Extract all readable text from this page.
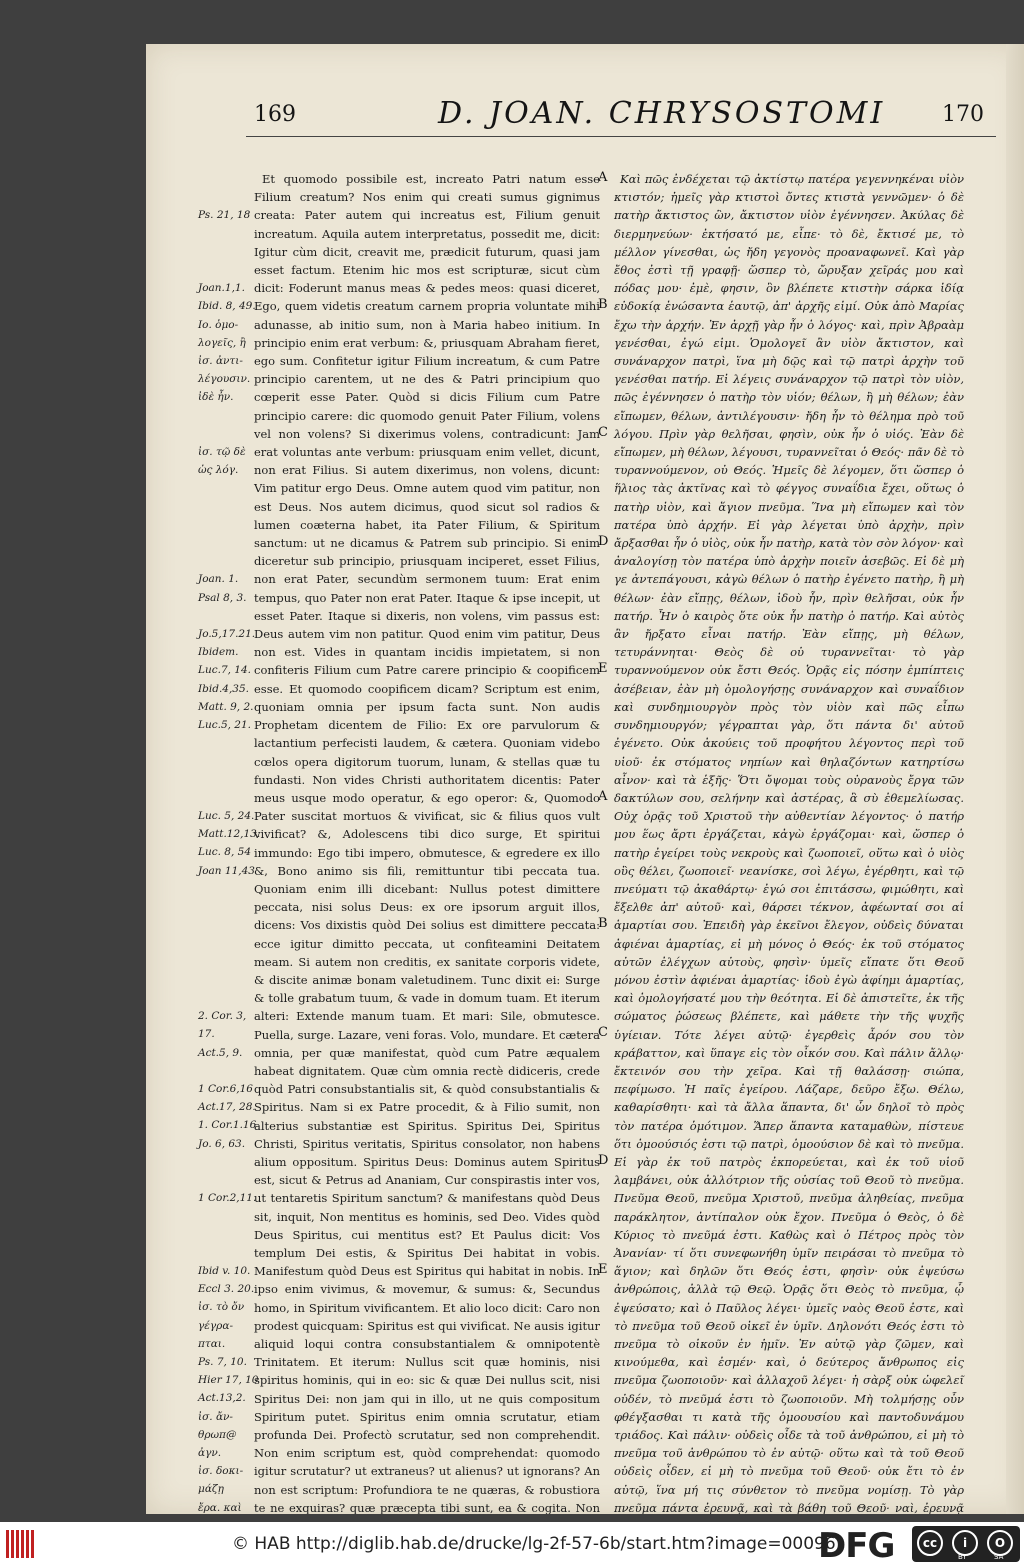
169	D. JOAN. CHRYSOSTOMI	170
Ps. 21, 18
Joan.1,1.
Ibid. 8, 49.
Ιο. ὁμο-
λογεῖς, ἢ
ἰσ. ἀντι-
λέγουσιν.
ἰδὲ ἦν.
ἰσ. τῷ δὲ
ὡς λόγ.
Joan. 1.
Psal 8, 3.
Jo.5,17.21.
Ibidem.
Luc.7, 14.
Ibid.4,35.
Matt. 9, 2.
Luc.5, 21.
Luc. 5, 24.
Matt.12,13.
Luc. 8, 54
Joan 11,43
2. Cor. 3,
17.
Act.5, 9.
1 Cor.6,16
Act.17, 28.
1. Cor.1.16
Jo. 6, 63.
1 Cor.2,11.
Ibid v. 10.
Eccl 3. 20.
ἰσ. τὸ ὄν
γέγρα-
πται.
Ps. 7, 10.
Hier 17, 10
Act.13,2.
ἰσ. ἄν-
θρωπ@
ἀγν.
ἰσ. δοκι-
μάζῃ
ἔρα. καὶ

Et quomodo possibile est, increato Patri natum esse Filium creatum? Nos enim qui creati sumus gignimus creata: Pater autem qui increatus est, Filium genuit increatum. Aquila autem interpretatus, possedit me, dicit: Igitur cùm dicit, creavit me, prædicit futurum, quasi jam esset factum. Etenim hic mos est scripturæ, sicut cùm dicit: Foderunt manus meas & pedes meos: quasi diceret, Ego, quem videtis creatum carnem propria voluntate mihi adunasse, ab initio sum, non à Maria habeo initium. In principio enim erat verbum: &, priusquam Abraham fieret, ego sum. Confitetur igitur Filium increatum, & cum Patre principio carentem, ut ne des & Patri principium quo cœperit esse Pater. Quòd si dicis Filium cum Patre principio carere: dic quomodo genuit Pater Filium, volens vel non volens? Si dixerimus volens, contradicunt: Jam erat voluntas ante verbum: priusquam enim vellet, dicunt, non erat Filius. Si autem dixerimus, non volens, dicunt: Vim patitur ergo Deus. Omne autem quod vim patitur, non est Deus. Nos autem dicimus, quod sicut sol radios & lumen coæterna habet, ita Pater Filium, & Spiritum sanctum: ut ne dicamus & Patrem sub principio. Si enim diceretur sub principio, priusquam inciperet, esset Filius, non erat Pater, secundùm sermonem tuum: Erat enim tempus, quo Pater non erat Pater. Itaque & ipse incepit, ut esset Pater. Itaque si dixeris, non volens, vim passus est: Deus autem vim non patitur. Quod enim vim patitur, Deus non est. Vides in quantam incidis impietatem, si non confiteris Filium cum Patre carere principio & coopificem esse. Et quomodo coopificem dicam? Scriptum est enim, quoniam omnia per ipsum facta sunt. Non audis Prophetam dicentem de Filio: Ex ore parvulorum & lactantium perfecisti laudem, & cætera. Quoniam videbo cœlos opera digitorum tuorum, lunam, & stellas quæ tu fundasti. Non vides Christi authoritatem dicentis: Pater meus usque modo operatur, & ego operor: &, Quomodo Pater suscitat mortuos & vivificat, sic & filius quos vult vivificat? &, Adolescens tibi dico surge, Et spiritui immundo: Ego tibi impero, obmutesce, & egredere ex illo &, Bono animo sis fili, remittuntur tibi peccata tua. Quoniam enim illi dicebant: Nullus potest dimittere peccata, nisi solus Deus: ex ore ipsorum arguit illos, dicens: Vos dixistis quòd Dei solius est dimittere peccata: ecce igitur dimitto peccata, ut confiteamini Deitatem meam. Si autem non creditis, ex sanitate corporis videte, & discite animæ bonam valetudinem. Tunc dixit ei: Surge & tolle grabatum tuum, & vade in domum tuam. Et iterum alteri: Extende manum tuam. Et mari: Sile, obmutesce. Puella, surge. Lazare, veni foras. Volo, mundare. Et cætera omnia, per quæ manifestat, quòd cum Patre æqualem habeat dignitatem. Quæ cùm omnia rectè didiceris, crede quòd Patri consubstantialis sit, & quòd consubstantialis & Spiritus. Nam si ex Patre procedit, & à Filio sumit, non alterius substantiæ est Spiritus. Spiritus Dei, Spiritus Christi, Spiritus veritatis, Spiritus consolator, non habens alium oppositum. Spiritus Deus: Dominus autem Spiritus est, sicut & Petrus ad Ananiam, Cur conspirastis inter vos, ut tentaretis Spiritum sanctum? & manifestans quòd Deus sit, inquit, Non mentitus es hominis, sed Deo. Vides quòd Deus Spiritus, cui mentitus est? Et Paulus dicit: Vos templum Dei estis, & Spiritus Dei habitat in vobis. Manifestum quòd Deus est Spiritus qui habitat in nobis. In ipso enim vivimus, & movemur, & sumus: &, Secundus homo, in Spiritum vivificantem. Et alio loco dicit: Caro non prodest quicquam: Spiritus est qui vivificat. Ne ausis igitur aliquid loqui contra consubstantialem & omnipotentè Trinitatem. Et iterum: Nullus scit quæ hominis, nisi spiritus hominis, qui in eo: sic & quæ Dei nullus scit, nisi Spiritus Dei: non jam qui in illo, ut ne quis compositum Spiritum putet. Spiritus enim omnia scrutatur, etiam profunda Dei. Profectò scrutatur, sed non comprehendit. Non enim scriptum est, quòd comprehendat: quomodo igitur scrutatur? ut extraneus? ut alienus? ut ignorans? An non est scriptum: Profundiora te ne quæras, & robustiora te ne exquiras? quæ præcepta tibi sunt, ea & cogita. Non

A
B
C
D
E
A
B
C
D
E

Καὶ πῶς ἐνδέχεται τῷ ἀκτίστῳ πατέρα γεγεννηκέναι υἱὸν κτιστόν; ἡμεῖς γὰρ κτιστοὶ ὄντες κτιστὰ γεννῶμεν· ὁ δὲ πατὴρ ἄκτιστος ὢν, ἄκτιστον υἱὸν ἐγέννησεν. Ἀκύλας δὲ διερμηνεύων· ἐκτήσατό με, εἶπε· τὸ δὲ, ἔκτισέ με, τὸ μέλλον γίνεσθαι, ὡς ἤδη γεγονὸς προαναφωνεῖ. Καὶ γὰρ ἔθος ἐστὶ τῇ γραφῇ· ὥσπερ τὸ, ὤρυξαν χεῖράς μου καὶ πόδας μου· ἐμὲ, φησιν, ὃν βλέπετε κτιστὴν σάρκα ἰδίᾳ εὐδοκίᾳ ἑνώσαντα ἑαυτῷ, ἀπ' ἀρχῆς εἰμί. Οὐκ ἀπὸ Μαρίας ἔχω τὴν ἀρχήν. Ἐν ἀρχῇ γὰρ ἦν ὁ λόγος· καὶ, πρὶν Ἀβραὰμ γενέσθαι, ἐγώ εἰμι. Ὁμολογεῖ ἂν υἱὸν ἄκτιστον, καὶ συνάναρχον πατρὶ, ἵνα μὴ δῷς καὶ τῷ πατρὶ ἀρχὴν τοῦ γενέσθαι πατήρ. Εἰ λέγεις συνάναρχον τῷ πατρὶ τὸν υἱὸν, πῶς ἐγέννησεν ὁ πατὴρ τὸν υἱόν; θέλων, ἢ μὴ θέλων; ἐὰν εἴπωμεν, θέλων, ἀντιλέγουσιν· ἤδη ἦν τὸ θέλημα πρὸ τοῦ λόγου. Πρὶν γὰρ θελῆσαι, φησὶν, οὐκ ἦν ὁ υἱός. Ἐὰν δὲ εἴπωμεν, μὴ θέλων, λέγουσι, τυραννεῖται ὁ Θεός· πᾶν δὲ τὸ τυραννούμενον, οὐ Θεός. Ἡμεῖς δὲ λέγομεν, ὅτι ὥσπερ ὁ ἥλιος τὰς ἀκτῖνας καὶ τὸ φέγγος συναΐδια ἔχει, οὕτως ὁ πατὴρ υἱὸν, καὶ ἅγιον πνεῦμα. Ἵνα μὴ εἴπωμεν καὶ τὸν πατέρα ὑπὸ ἀρχήν. Εἰ γὰρ λέγεται ὑπὸ ἀρχὴν, πρὶν ἄρξασθαι ἦν ὁ υἱὸς, οὐκ ἦν πατὴρ, κατὰ τὸν σὸν λόγον· καὶ ἀναλογίσῃ τὸν πατέρα ὑπὸ ἀρχὴν ποιεῖν ἀσεβῶς. Εἰ δὲ μὴ γε ἀντεπάγουσι, κἀγὼ θέλων ὁ πατὴρ ἐγένετο πατὴρ, ἢ μὴ θέλων· ἐὰν εἴπῃς, θέλων, ἰδοὺ ἦν, πρὶν θελῆσαι, οὐκ ἦν πατήρ. Ἦν ὁ καιρὸς ὅτε οὐκ ἦν πατὴρ ὁ πατήρ. Καὶ αὐτὸς ἂν ἤρξατο εἶναι πατήρ. Ἐὰν εἴπῃς, μὴ θέλων, τετυράννηται· Θεὸς δὲ οὐ τυραννεῖται· τὸ γὰρ τυραννούμενον οὐκ ἔστι Θεός. Ὁρᾷς εἰς πόσην ἐμπίπτεις ἀσέβειαν, ἐὰν μὴ ὁμολογήσῃς συνάναρχον καὶ συναΐδιον καὶ συνδημιουργὸν πρὸς τὸν υἱὸν καὶ πῶς εἶπω συνδημιουργόν; γέγραπται γὰρ, ὅτι πάντα δι' αὐτοῦ ἐγένετο. Οὐκ ἀκούεις τοῦ προφήτου λέγοντος περὶ τοῦ υἱοῦ· ἐκ στόματος νηπίων καὶ θηλαζόντων κατηρτίσω αἶνον· καὶ τὰ ἑξῆς· Ὅτι ὄψομαι τοὺς οὐρανοὺς ἔργα τῶν δακτύλων σου, σελήνην καὶ ἀστέρας, ἃ σὺ ἐθεμελίωσας. Οὐχ ὁρᾷς τοῦ Χριστοῦ τὴν αὐθεντίαν λέγοντος· ὁ πατήρ μου ἕως ἄρτι ἐργάζεται, κἀγὼ ἐργάζομαι· καὶ, ὥσπερ ὁ πατὴρ ἐγείρει τοὺς νεκροὺς καὶ ζωοποιεῖ, οὕτω καὶ ὁ υἱὸς οὓς θέλει, ζωοποιεῖ· νεανίσκε, σοὶ λέγω, ἐγέρθητι, καὶ τῷ πνεύματι τῷ ἀκαθάρτῳ· ἐγώ σοι ἐπιτάσσω, φιμώθητι, καὶ ἔξελθε ἀπ' αὐτοῦ· καὶ, θάρσει τέκνον, ἀφέωνταί σοι αἱ ἁμαρτίαι σου. Ἐπειδὴ γὰρ ἐκεῖνοι ἔλεγον, οὐδεὶς δύναται ἀφιέναι ἁμαρτίας, εἰ μὴ μόνος ὁ Θεός· ἐκ τοῦ στόματος αὐτῶν ἐλέγχων αὐτοὺς, φησὶν· ὑμεῖς εἴπατε ὅτι Θεοῦ μόνου ἐστὶν ἀφιέναι ἁμαρτίας· ἰδοὺ ἐγὼ ἀφίημι ἁμαρτίας, καὶ ὁμολογήσατέ μου τὴν θεότητα. Εἰ δὲ ἀπιστεῖτε, ἐκ τῆς σώματος ῥώσεως βλέπετε, καὶ μάθετε τὴν τῆς ψυχῆς ὑγίειαν. Τότε λέγει αὐτῷ· ἐγερθεὶς ἆρόν σου τὸν κράβαττον, καὶ ὕπαγε εἰς τὸν οἶκόν σου. Καὶ πάλιν ἄλλῳ· ἔκτεινόν σου τὴν χεῖρα. Καὶ τῇ θαλάσσῃ· σιώπα, πεφίμωσο. Ἡ παῖς ἐγείρου. Λάζαρε, δεῦρο ἔξω. Θέλω, καθαρίσθητι· καὶ τὰ ἄλλα ἅπαντα, δι' ὧν δηλοῖ τὸ πρὸς τὸν πατέρα ὁμότιμον. Ἅπερ ἅπαντα καταμαθὼν, πίστευε ὅτι ὁμοούσιός ἐστι τῷ πατρὶ, ὁμοούσιον δὲ καὶ τὸ πνεῦμα. Εἰ γὰρ ἐκ τοῦ πατρὸς ἐκπορεύεται, καὶ ἐκ τοῦ υἱοῦ λαμβάνει, οὐκ ἀλλότριον τῆς οὐσίας τοῦ Θεοῦ τὸ πνεῦμα. Πνεῦμα Θεοῦ, πνεῦμα Χριστοῦ, πνεῦμα ἀληθείας, πνεῦμα παράκλητον, ἀντίπαλον οὐκ ἔχον. Πνεῦμα ὁ Θεὸς, ὁ δὲ Κύριος τὸ πνεῦμά ἐστι. Καθὼς καὶ ὁ Πέτρος πρὸς τὸν Ἀνανίαν· τί ὅτι συνεφωνήθη ὑμῖν πειράσαι τὸ πνεῦμα τὸ ἅγιον; καὶ δηλῶν ὅτι Θεός ἐστι, φησὶν· οὐκ ἐψεύσω ἀνθρώποις, ἀλλὰ τῷ Θεῷ. Ὁρᾷς ὅτι Θεὸς τὸ πνεῦμα, ᾧ ἐψεύσατο; καὶ ὁ Παῦλος λέγει· ὑμεῖς ναὸς Θεοῦ ἐστε, καὶ τὸ πνεῦμα τοῦ Θεοῦ οἰκεῖ ἐν ὑμῖν. Δηλονότι Θεός ἐστι τὸ πνεῦμα τὸ οἰκοῦν ἐν ἡμῖν. Ἐν αὐτῷ γὰρ ζῶμεν, καὶ κινούμεθα, καὶ ἐσμέν· καὶ, ὁ δεύτερος ἄνθρωπος εἰς πνεῦμα ζωοποιοῦν· καὶ ἀλλαχοῦ λέγει· ἡ σὰρξ οὐκ ὠφελεῖ οὐδέν, τὸ πνεῦμά ἐστι τὸ ζωοποιοῦν. Μὴ τολμήσῃς οὖν φθέγξασθαι τι κατὰ τῆς ὁμοουσίου καὶ παντοδυνάμου τριάδος. Καὶ πάλιν· οὐδεὶς οἶδε τὰ τοῦ ἀνθρώπου, εἰ μὴ τὸ πνεῦμα τοῦ ἀνθρώπου τὸ ἐν αὐτῷ· οὕτω καὶ τὰ τοῦ Θεοῦ οὐδεὶς οἶδεν, εἰ μὴ τὸ πνεῦμα τοῦ Θεοῦ· οὐκ ἔτι τὸ ἐν αὐτῷ, ἵνα μή τις σύνθετον τὸ πνεῦμα νομίσῃ. Τὸ γὰρ πνεῦμα πάντα ἐρευνᾷ, καὶ τὰ βάθη τοῦ Θεοῦ· ναὶ, ἐρευνᾷ

© HAB http://diglib.hab.de/drucke/lg-2f-57-6b/start.htm?image=00096
DFG	cc	i	O
BY	SA
